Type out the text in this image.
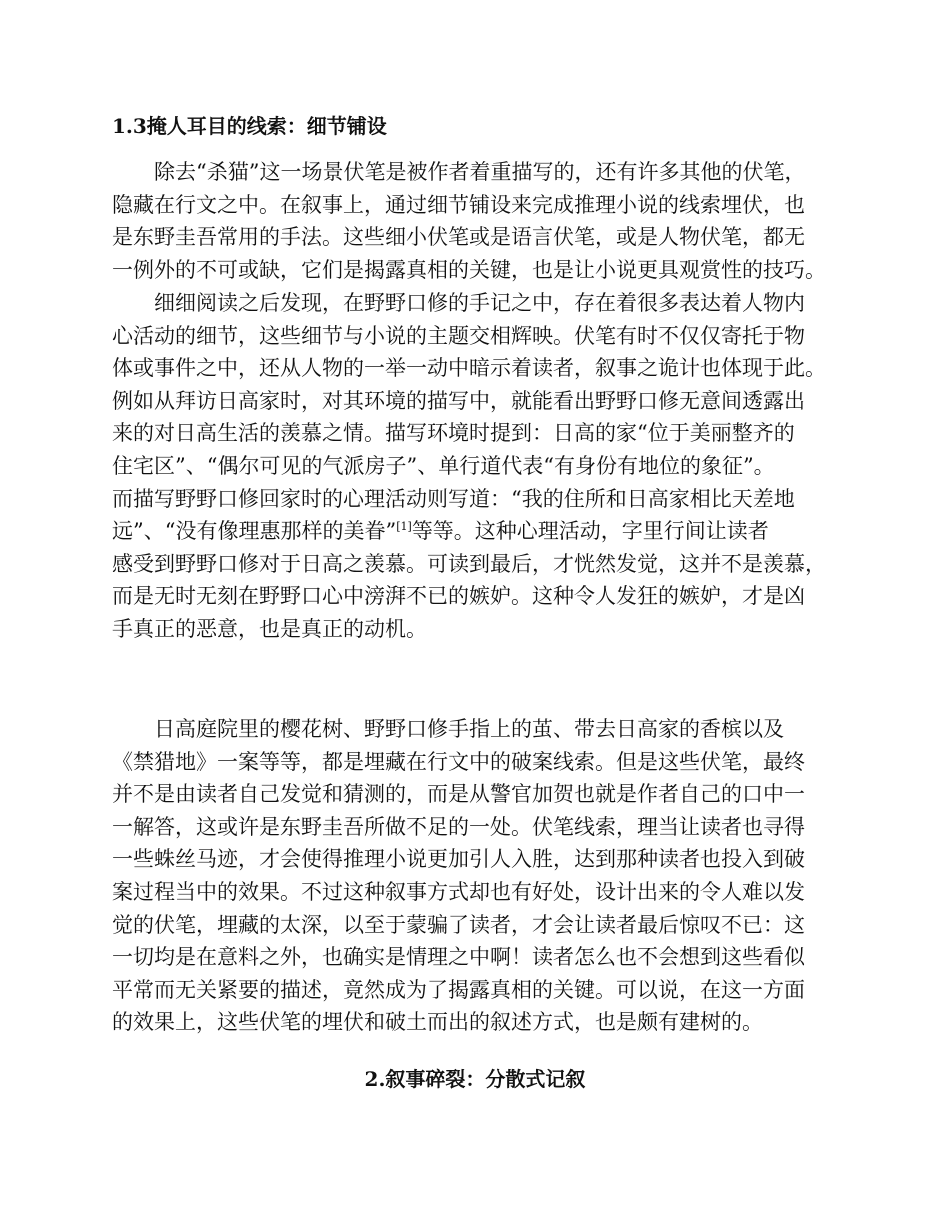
1.3掩人耳目的线索：细节铺设
除去“杀猫”这一场景伏笔是被作者着重描写的，还有许多其他的伏笔，
隐藏在行文之中。在叙事上，通过细节铺设来完成推理小说的线索埋伏，也
是东野圭吾常用的手法。这些细小伏笔或是语言伏笔，或是人物伏笔，都无
一例外的不可或缺，它们是揭露真相的关键，也是让小说更具观赏性的技巧。
细细阅读之后发现，在野野口修的手记之中，存在着很多表达着人物内
心活动的细节，这些细节与小说的主题交相辉映。伏笔有时不仅仅寄托于物
体或事件之中，还从人物的一举一动中暗示着读者，叙事之诡计也体现于此。
例如从拜访日高家时，对其环境的描写中，就能看出野野口修无意间透露出
来的对日高生活的羡慕之情。描写环境时提到：日高的家“位于美丽整齐的
住宅区”、“偶尔可见的气派房子”、单行道代表“有身份有地位的象征”。
而描写野野口修回家时的心理活动则写道：“我的住所和日高家相比天差地
远”、“没有像理惠那样的美眷”[1]等等。这种心理活动，字里行间让读者
感受到野野口修对于日高之羡慕。可读到最后，才恍然发觉，这并不是羡慕，
而是无时无刻在野野口心中滂湃不已的嫉妒。这种令人发狂的嫉妒，才是凶
手真正的恶意，也是真正的动机。
日高庭院里的樱花树、野野口修手指上的茧、带去日高家的香槟以及
《禁猎地》一案等等，都是埋藏在行文中的破案线索。但是这些伏笔，最终
并不是由读者自己发觉和猜测的，而是从警官加贺也就是作者自己的口中一
一解答，这或许是东野圭吾所做不足的一处。伏笔线索，理当让读者也寻得
一些蛛丝马迹，才会使得推理小说更加引人入胜，达到那种读者也投入到破
案过程当中的效果。不过这种叙事方式却也有好处，设计出来的令人难以发
觉的伏笔，埋藏的太深，以至于蒙骗了读者，才会让读者最后惊叹不已：这
一切均是在意料之外，也确实是情理之中啊！读者怎么也不会想到这些看似
平常而无关紧要的描述，竟然成为了揭露真相的关键。可以说，在这一方面
的效果上，这些伏笔的埋伏和破土而出的叙述方式，也是颇有建树的。
2.叙事碎裂：分散式记叙
